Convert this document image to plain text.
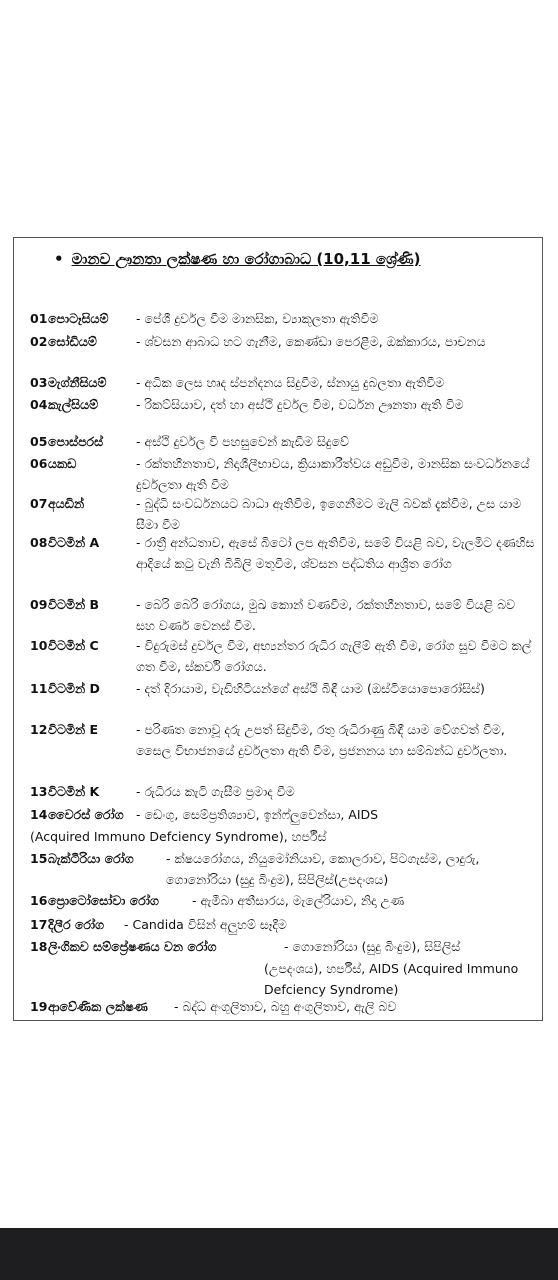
• මානව ඌනතා ලක්ෂණ හා රෝගාබාධ (10,11 ශ්‍රේණි)
01 පොටෑසියම් - පේශී දුර්වල වීම මානසික, ව්‍යාකූලතා ඇතිවීම
02 සෝඩියම්	- ශ්වසන ආබාධ හට ගැනීම, කෙණ්ඩා පෙරළීම, ඔක්කාරය, පාචනය
03 මැග්නීසියම් - අධික ලෙස හෘද ස්පන්දනය සිදුවීම, ස්නායු දුබලතා ඇතිවීම
04 කැල්සියම්	- රිකට්සියාව, දත් හා අස්ථි දුර්වල වීම, වර්ධන ඌනතා ඇති වීම
05 පොස්පරස්	- අස්ථි දුර්වල වී පහසුවෙන් කැඩීම සිදුවේ
06 යකඩ	- රක්තහීනතාව, නිදාශීලීභාවය, ක්‍රියාකාරීත්වය අඩුවීම, මානසික සංවර්ධනයේ දුර්වලතා ඇති වීම
07 අයඩින්	- බුද්ධි සංවර්ධනයට බාධා ඇතිවීම, ඉගෙනීමට මැලි බවක් දැක්වීම, උස යාම සීමා වීම
08 විටමින් A	- රාත්‍රී අන්ධතාව, ඇසේ බිටෝ ලප ඇතිවීම, සමේ වියළි බව, වැලමිට දණහිස ආදියේ කටු වැනි බිබිලි මතුවීම, ශ්වසන පද්ධතිය ආශ්‍රිත රෝග
09 විටමින් B	- බෙරි බෙරි රෝගය, මුඛ කොන් වණවීම, රක්තහීනතාව, සමේ වියළි බව සහ වර්ණ වෙනස් වීම.
10 විටමින් C	- විදුරුමස් දුර්වල වීම, අභ්‍යන්තර රුධිර ගැලීම් ඇති වීම, රෝග සුව වීමට කල් ගත වීම, ස්කර්වි රෝගය.
11 විටමින් D	- දත් දිරායාම, වැඩිහිටියන්ගේ අස්ථි බිඳී යාම (ඔස්ටියොපොරෝසිස්)
12 විටමින් E	- පරිණත නොවූ දරු උපත් සිදුවීම, රතු රුධිරාණු බිඳී යාම වේගවත් වීම, සෛල විභාජනයේ දුර්වලතා ඇති වීම, ප්‍රජනනය හා සම්බන්ධ දුර්වලතා.
13 විටමින් K	- රුධිරය කැටි ගැසීම ප්‍රමාද වීම
14 වෛරස් රෝග - ඩෙංගු, සෙම්ප්‍රතිශ්‍යාව, ඉන්ෆ්ලුවෙන්සා, AIDS
(Acquired Immuno Defciency Syndrome), හර්පීස්
15 බැක්ටීරියා රෝග	- ක්ෂයරෝගය, නියුමෝනියාව, කොලරාව, පිටගැස්ම, ලාදුරු, ගොනෝරියා (සුදු බිංදුම), සිපිලිස්(උපදංශය)
16 ප්‍රොටෝසෝවා රෝග	- ඇමීබා අතීසාරය, මැලේරියාව, නිදා උණ
17 දිලීර රෝග - Candida විසින් අලුහම් සෑදීම
18 ලිංගිකව සම්ප්‍රේෂණය වන රෝග	- ගොනෝරියා (සුදු බිංදුම), සිපිලිස්
(උපදංශය), හර්පීස්, AIDS (Acquired Immuno Defciency Syndrome)
19 ආවේණික ලක්ෂණ - බද්ධ අංගුලිතාව, බහු අංගුලිතාව, ඇලි බව
